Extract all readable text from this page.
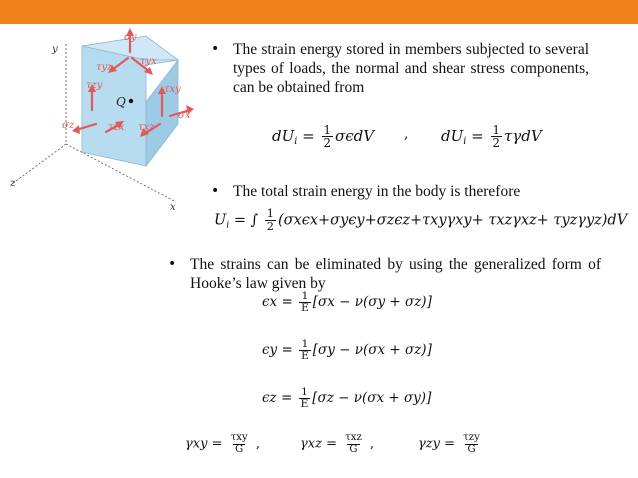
y
z
x
Q
σy
τyx
τyz
τzy	τxy
σz	τzx τxz
σx
• The strain energy stored in members subjected to several types of loads, the normal and shear stress components, can be obtained from
$dU_i = \frac{1}{2}$ σϵdV , $dU_i = \frac{1}{2}$ τγdV
• The total strain energy in the body is therefore
$U_i$ = ∫ $\frac{1}{2} (\sigma x\epsilon x+\sigma y\epsilon y+\sigma z\epsilon z+\tau xy\gamma xy+ \tau xz\gamma xz+ \tau yz\gamma yz)dV$
• The strains can be eliminated by using the generalized form of Hooke’s law given by
$\epsilon x = \frac{1}{E} [\sigma x - \nu(\sigma y + \sigma z)]$
$\epsilon y = \frac{1}{E} [\sigma y - \nu(\sigma x + \sigma z)]$
$\epsilon z = \frac{1}{E} [\sigma z - \nu(\sigma x + \sigma y)]$
$\gamma xy = \frac{\text{τxy}}{G}$ ,	$\gamma xz = \frac{\text{τxz}}{G}$ ,	$\gamma zy = \frac{\text{τzy}}{G}$
